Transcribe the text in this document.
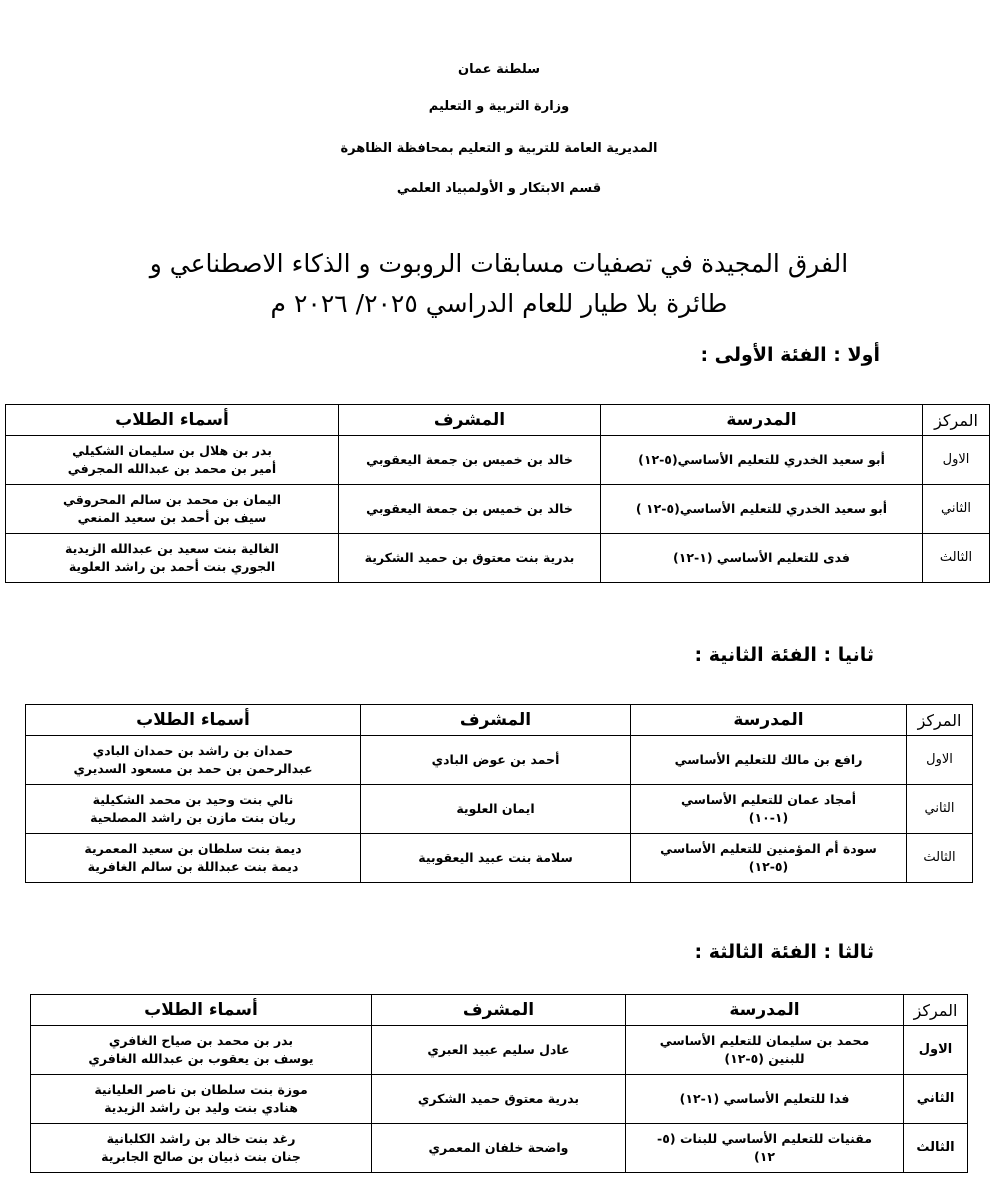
سلطنة عمان

وزارة التربية و التعليم

المديرية العامة للتربية و التعليم بمحافظة الظاهرة

قسم الابتكار و الأولمبياد العلمي

الفرق المجيدة في تصفيات مسابقات الروبوت و الذكاء الاصطناعي و
طائرة بلا طيار للعام الدراسي ٢٠٢٥/ ٢٠٢٦ م
أولا : الفئة الأولى :
المركز	المدرسة	المشرف	أسماء الطلاب
الاول	أبو سعيد الخدري للتعليم الأساسي(٥-١٢)	خالد بن خميس بن جمعة اليعقوبي	بدر بن هلال بن سليمان الشكيلي
أمير بن محمد بن عبدالله المجرفي

الثاني	أبو سعيد الخدري للتعليم الأساسي(٥-١٢ )	خالد بن خميس بن جمعة اليعقوبي	اليمان بن محمد بن سالم المحروقي
سيف بن أحمد بن سعيد المنعي

الثالث	فدى للتعليم الأساسي (١-١٢)	بدرية بنت معتوق بن حميد الشكرية	الغالية بنت سعيد بن عبدالله الزيدية
الجوري بنت أحمد بن راشد العلوية
ثانيا : الفئة الثانية :
المركز	المدرسة	المشرف	أسماء الطلاب
الاول	رافع بن مالك للتعليم الأساسي	أحمد بن عوض البادي	حمدان بن راشد بن حمدان البادي
عبدالرحمن بن حمد بن مسعود السديري

الثاني	أمجاد عمان للتعليم الأساسي
(١-١٠)	ايمان العلوية	نالي بنت وحيد بن محمد الشكيلية
ريان بنت مازن بن راشد المصلحية

الثالث	سودة أم المؤمنين للتعليم الأساسي
(٥-١٢)	سلامة بنت عبيد اليعقوبية	ديمة بنت سلطان بن سعيد المعمرية
ديمة بنت عبداللة بن سالم الغافرية
ثالثا : الفئة الثالثة :
المركز	المدرسة	المشرف	أسماء الطلاب
الاول	محمد بن سليمان للتعليم الأساسي
للبنين (٥-١٢)	عادل سليم عبيد العبري	بدر بن محمد بن صياح الغافري
يوسف بن يعقوب بن عبدالله الغافري

الثاني	فدا للتعليم الأساسي (١-١٢)	بدرية معتوق حميد الشكري	موزة بنت سلطان بن ناصر العليانية
هنادي بنت وليد بن راشد الزيدية

الثالث	مقنيات للتعليم الأساسي للبنات (٥-
١٢)	واضحة خلفان المعمري	رغد بنت خالد بن راشد الكلبانية
جنان بنت ذبيان بن صالح الجابرية
